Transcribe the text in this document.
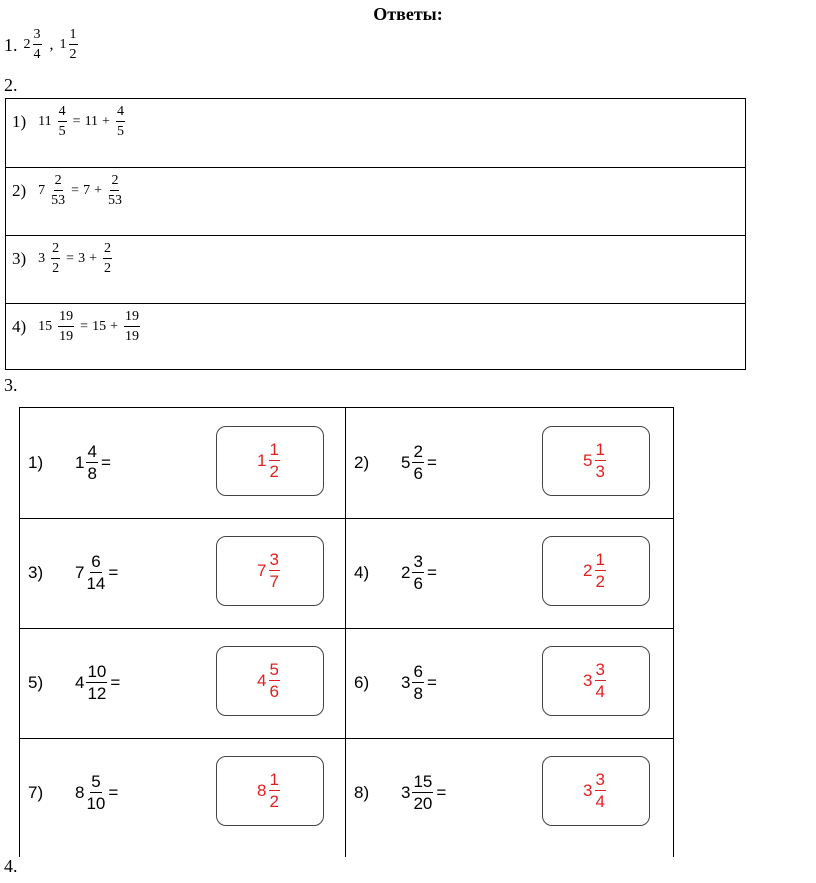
Ответы:
1. $2 \frac{3}{4}$ , $1 \frac{1}{2}$
2.
1) $11 \frac{4}{5} = 11 + \frac{4}{5}$
2) $7 \frac{2}{53} = 7 + \frac{2}{53}$
3) $3 \frac{2}{2} = 3 + \frac{2}{2}$
4) $15 \frac{19}{19} = 15 + \frac{19}{19}$
3.
1) $1 \frac{4}{8}$ =	$1 \frac{1}{2}$	2) $5 \frac{2}{6}$ =	$5 \frac{1}{3}$
3) $7 \frac{6}{14}$ =	$7 \frac{3}{7}$	4) $2 \frac{3}{6}$ =	$2 \frac{1}{2}$
5) $4 \frac{10}{12}$ =	$4 \frac{5}{6}$	6) $3 \frac{6}{8}$ =	$3 \frac{3}{4}$
7) $8 \frac{5}{10}$ =	$8 \frac{1}{2}$	8) $3 \frac{15}{20}$ =	$3 \frac{3}{4}$
4.
